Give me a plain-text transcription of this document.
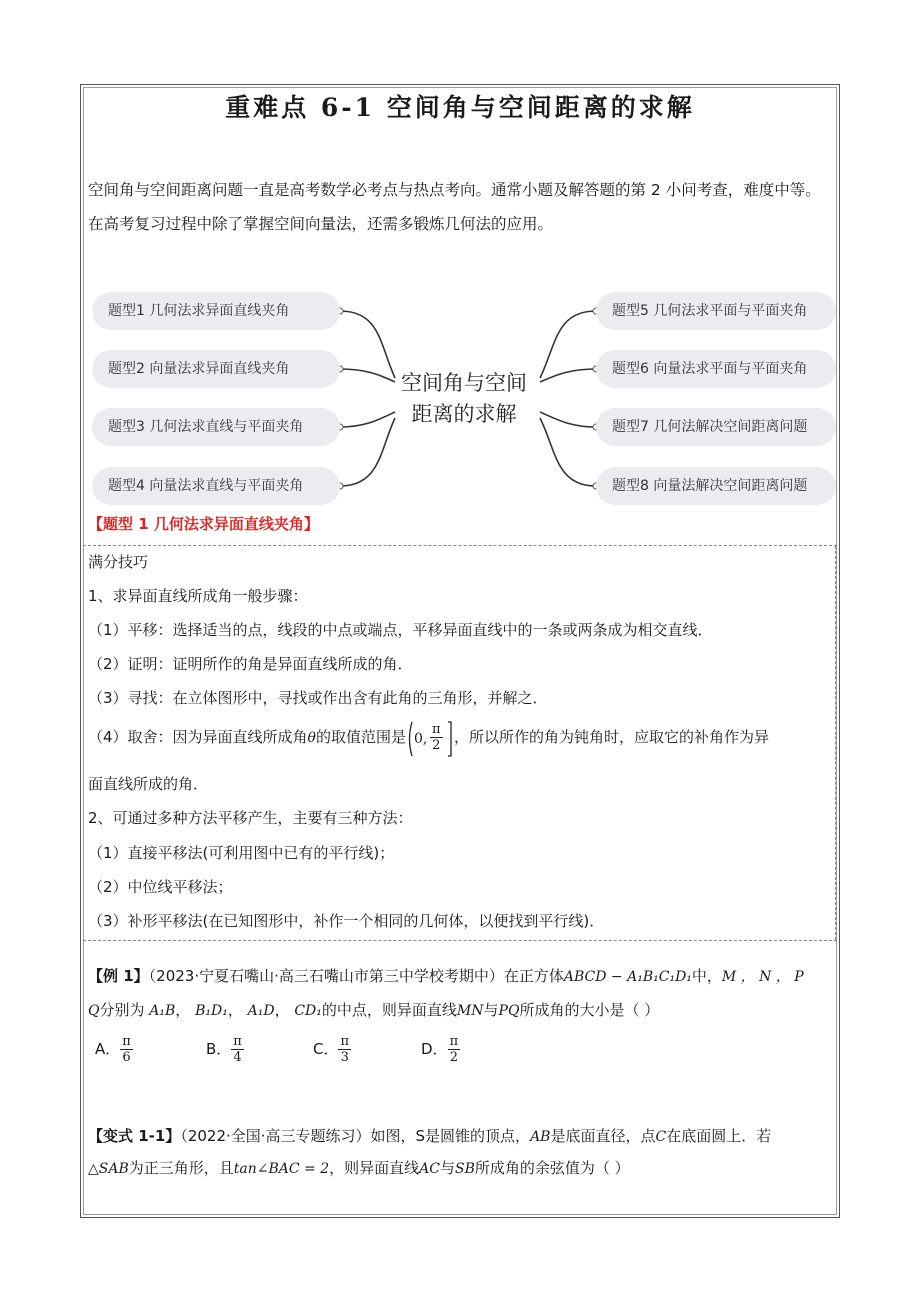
重难点 6-1 空间角与空间距离的求解
空间角与空间距离问题一直是高考数学必考点与热点考向。通常小题及解答题的第 2 小问考查，难度中等。
在高考复习过程中除了掌握空间向量法，还需多锻炼几何法的应用。
题型1 几何法求异面直线夹角
题型2 向量法求异面直线夹角
题型3 几何法求直线与平面夹角
题型4 向量法求直线与平面夹角
题型5 几何法求平面与平面夹角
题型6 向量法求平面与平面夹角
题型7 几何法解决空间距离问题
题型8 向量法解决空间距离问题
空间角与空间
距离的求解
【题型 1 几何法求异面直线夹角】
满分技巧
1、求异面直线所成角一般步骤：
（1）平移：选择适当的点，线段的中点或端点，平移异面直线中的一条或两条成为相交直线．
（2）证明：证明所作的角是异面直线所成的角．
（3）寻找：在立体图形中，寻找或作出含有此角的三角形，并解之．
（4）取舍：因为异面直线所成角θ的取值范围是 0, $\frac{\pi}{2}$ ，所以所作的角为钝角时，应取它的补角作为异
面直线所成的角．
2、可通过多种方法平移产生，主要有三种方法：
（1）直接平移法(可利用图中已有的平行线)；
（2）中位线平移法；
（3）补形平移法(在已知图形中，补作一个相同的几何体，以便找到平行线)．
【例 1】（2023·宁夏石嘴山·高三石嘴山市第三中学校考期中）在正方体ABCD − A₁B₁C₁D₁中，M ， N ， P
Q分别为 A₁B， B₁D₁， A₁D， CD₁的中点，则异面直线MN与PQ所成角的大小是（ ）
A． $\frac{\pi}{6}$	B． $\frac{\pi}{4}$	C． $\frac{\pi}{3}$	D． $\frac{\pi}{2}$
【变式 1-1】（2022·全国·高三专题练习）如图，S是圆锥的顶点，AB是底面直径，点C在底面圆上．若
△SAB为正三角形，且tan∠BAC = 2，则异面直线AC与SB所成角的余弦值为（ ）
